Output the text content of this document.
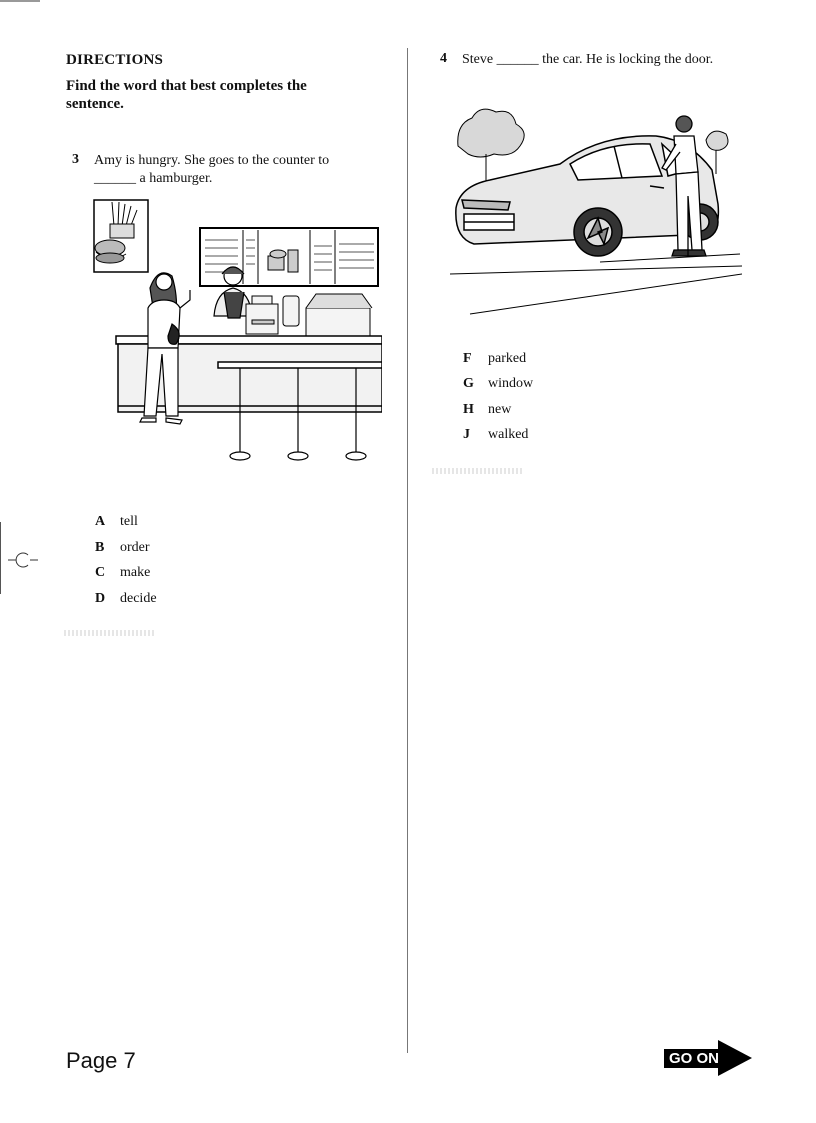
DIRECTIONS
Find the word that best completes the sentence.
3 Amy is hungry. She goes to the counter to ______ a hamburger.
A tell
B order
C make
D decide
4 Steve ______ the car. He is locking the door.
F parked
G window
H new
J walked
Page 7	GO ON
